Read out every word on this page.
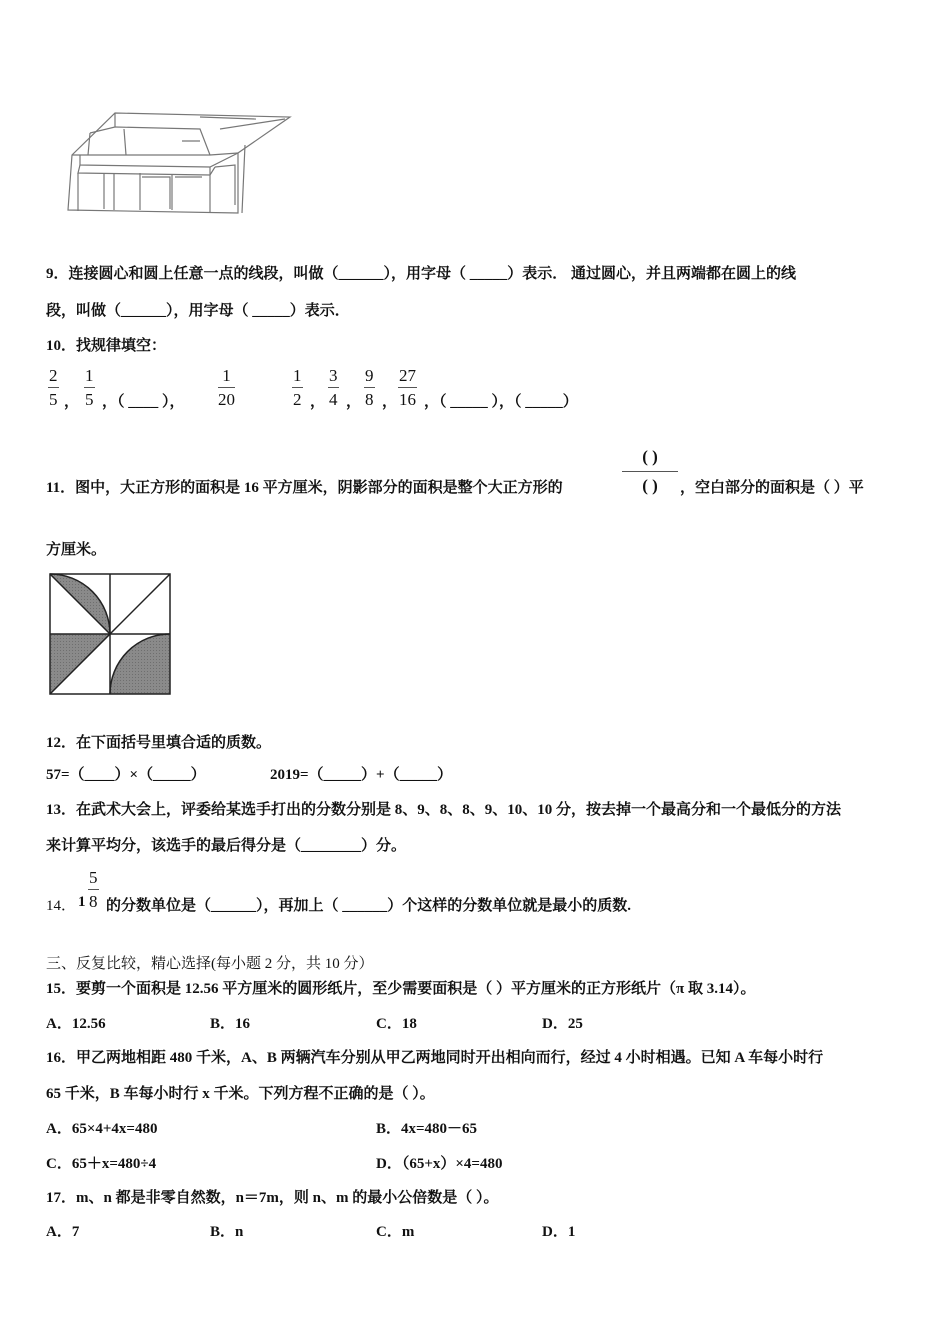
9．连接圆心和圆上任意一点的线段，叫做（______），用字母（ _____）表示． 通过圆心，并且两端都在圆上的线
段，叫做（______），用字母（ _____）表示．
10．找规律填空：
2
5 ，
1
5 ，（ ____ ），
1
20
1
2 ，
3
4 ，
9
8 ，
27
16 ，（ _____ ），（ _____）
11．图中，大正方形的面积是 16 平方厘米，阴影部分的面积是整个大正方形的
( )
( )	，空白部分的面积是（ ）平
方厘米。
12．在下面括号里填合适的质数。
57=（____）×（_____）	2019=（_____）+（_____）
13．在武术大会上，评委给某选手打出的分数分别是 8、9、8、8、9、10、10 分，按去掉一个最高分和一个最低分的方法
来计算平均分，该选手的最后得分是（________）分。
14． 1
5
8 的分数单位是（______），再加上（ ______）个这样的分数单位就是最小的质数.
三、反复比较，精心选择(每小题 2 分，共 10 分）
15．要剪一个面积是 12.56 平方厘米的圆形纸片，至少需要面积是（ ）平方厘米的正方形纸片（π 取 3.14）。
A．12.56	B．16	C．18	D．25
16．甲乙两地相距 480 千米，A、B 两辆汽车分别从甲乙两地同时开出相向而行，经过 4 小时相遇。已知 A 车每小时行
65 千米，B 车每小时行 x 千米。下列方程不正确的是（ ）。
A．65×4+4x=480	B．4x=480－65
C．65＋x=480÷4	D．（65+x）×4=480
17．m、n 都是非零自然数，n＝7m，则 n、m 的最小公倍数是（ ）。
A．7	B．n	C．m	D．1
